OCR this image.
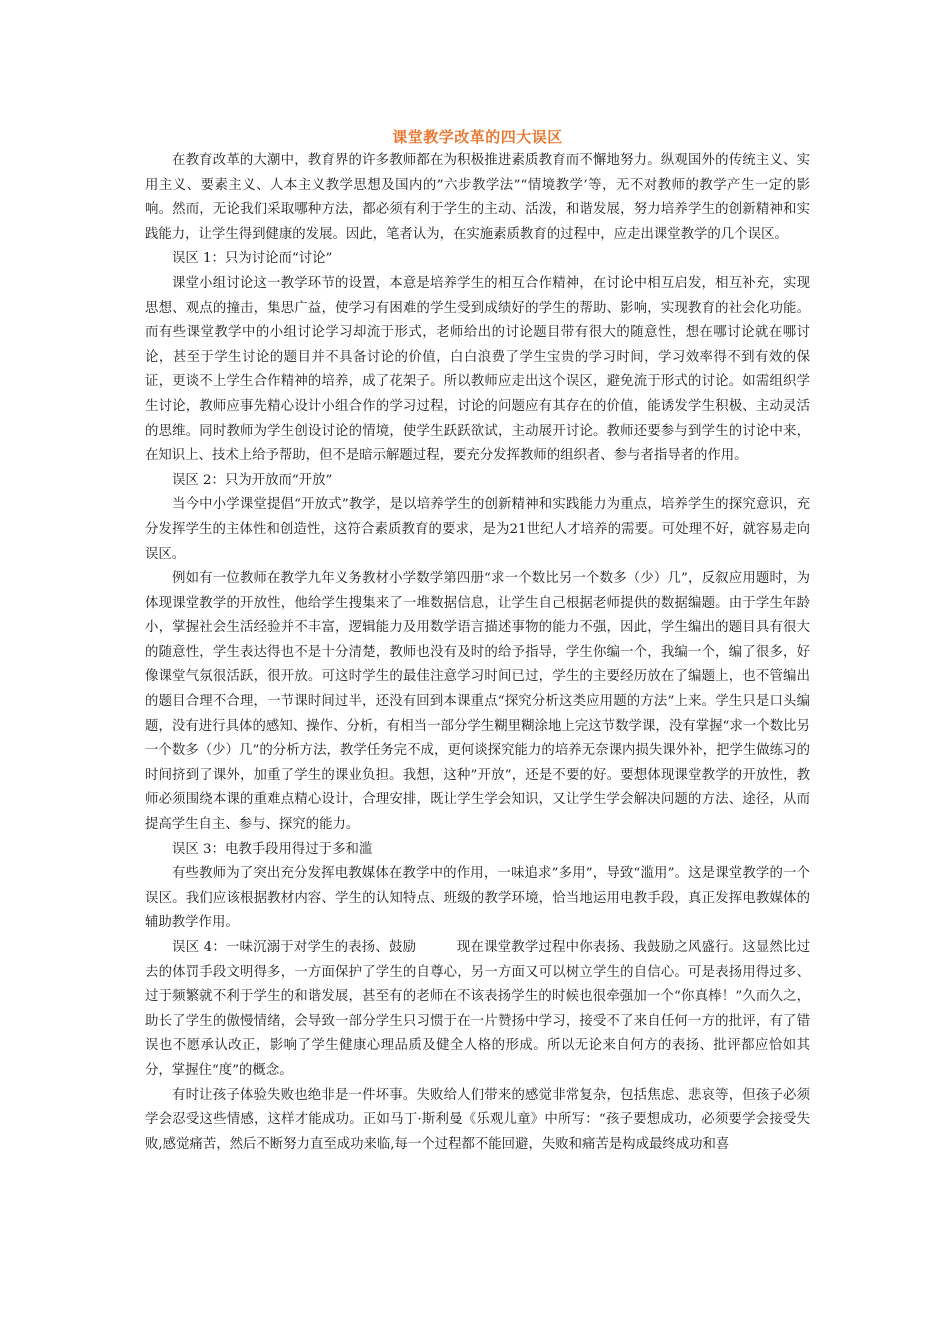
课堂教学改革的四大误区

在教育改革的大潮中，教育界的许多教师都在为积极推进素质教育而不懈地努力。纵观国外的传统主义、实用主义、要素主义、人本主义教学思想及国内的”六步教学法”“情境教学’等，无不对教师的教学产生一定的影响。然而，无论我们采取哪种方法，都必须有利于学生的主动、活泼，和谐发展，努力培养学生的创新精神和实践能力，让学生得到健康的发展。因此，笔者认为，在实施素质教育的过程中，应走出课堂教学的几个误区。

误区 1：只为讨论而“讨论”

课堂小组讨论这一教学环节的设置，本意是培养学生的相互合作精神，在讨论中相互启发，相互补充，实现思想、观点的撞击，集思广益，使学习有困难的学生受到成绩好的学生的帮助、影响，实现教育的社会化功能。而有些课堂教学中的小组讨论学习却流于形式，老师给出的讨论题目带有很大的随意性，想在哪讨论就在哪讨论，甚至于学生讨论的题目并不具备讨论的价值，白白浪费了学生宝贵的学习时间，学习效率得不到有效的保证，更谈不上学生合作精神的培养，成了花架子。所以教师应走出这个误区，避免流于形式的讨论。如需组织学生讨论，教师应事先精心设计小组合作的学习过程，讨论的问题应有其存在的价值，能诱发学生积极、主动灵活的思维。同时教师为学生创设讨论的情境，使学生跃跃欲试，主动展开讨论。教师还要参与到学生的讨论中来，在知识上、技术上给予帮助，但不是暗示解题过程，要充分发挥教师的组织者、参与者指导者的作用。

误区 2：只为开放而“开放”

当今中小学课堂提倡“开放式”教学，是以培养学生的创新精神和实践能力为重点，培养学生的探究意识，充分发挥学生的主体性和创造性，这符合素质教育的要求，是为21世纪人才培养的需要。可处理不好，就容易走向误区。

例如有一位教师在教学九年义务教材小学数学第四册“求一个数比另一个数多（少）几”，反叙应用题时，为体现课堂教学的开放性，他给学生搜集来了一堆数据信息，让学生自己根据老师提供的数据编题。由于学生年龄小，掌握社会生活经验并不丰富，逻辑能力及用数学语言描述事物的能力不强，因此，学生编出的题目具有很大的随意性，学生表达得也不是十分清楚，教师也没有及时的给予指导，学生你编一个，我编一个，编了很多，好像课堂气氛很活跃，很开放。可这时学生的最佳注意学习时间已过，学生的主要经历放在了编题上，也不管编出的题目合理不合理，一节课时间过半，还没有回到本课重点“探究分析这类应用题的方法”上来。学生只是口头编题，没有进行具体的感知、操作、分析，有相当一部分学生糊里糊涂地上完这节数学课，没有掌握“求一个数比另一个数多（少）几”的分析方法，教学任务完不成，更何谈探究能力的培养无奈课内损失课外补，把学生做练习的时间挤到了课外，加重了学生的课业负担。我想，这种”开放”，还是不要的好。要想体现课堂教学的开放性，教师必须围绕本课的重难点精心设计，合理安排，既让学生学会知识，又让学生学会解决问题的方法、途径，从而提高学生自主、参与、探究的能力。

误区 3：电教手段用得过于多和滥

有些教师为了突出充分发挥电教媒体在教学中的作用，一味追求”多用”，导致“滥用”。这是课堂教学的一个误区。我们应该根据教材内容、学生的认知特点、班级的教学环境，恰当地运用电教手段，真正发挥电教媒体的辅助教学作用。

误区 4：一味沉溺于对学生的表扬、鼓励　　　现在课堂教学过程中你表扬、我鼓励之风盛行。这显然比过去的体罚手段文明得多，一方面保护了学生的自尊心，另一方面又可以树立学生的自信心。可是表扬用得过多、过于频繁就不利于学生的和谐发展，甚至有的老师在不该表扬学生的时候也很牵强加一个“你真棒！”久而久之，助长了学生的傲慢情绪，会导致一部分学生只习惯于在一片赞扬中学习，接受不了来自任何一方的批评，有了错误也不愿承认改正，影响了学生健康心理品质及健全人格的形成。所以无论来自何方的表扬、批评都应恰如其分，掌握住“度”的概念。

有时让孩子体验失败也绝非是一件坏事。失败给人们带来的感觉非常复杂，包括焦虑、悲哀等，但孩子必须学会忍受这些情感，这样才能成功。正如马丁·斯利曼《乐观儿童》中所写：“孩子要想成功，必须要学会接受失败,感觉痛苦，然后不断努力直至成功来临,每一个过程都不能回避，失败和痛苦是构成最终成功和喜
